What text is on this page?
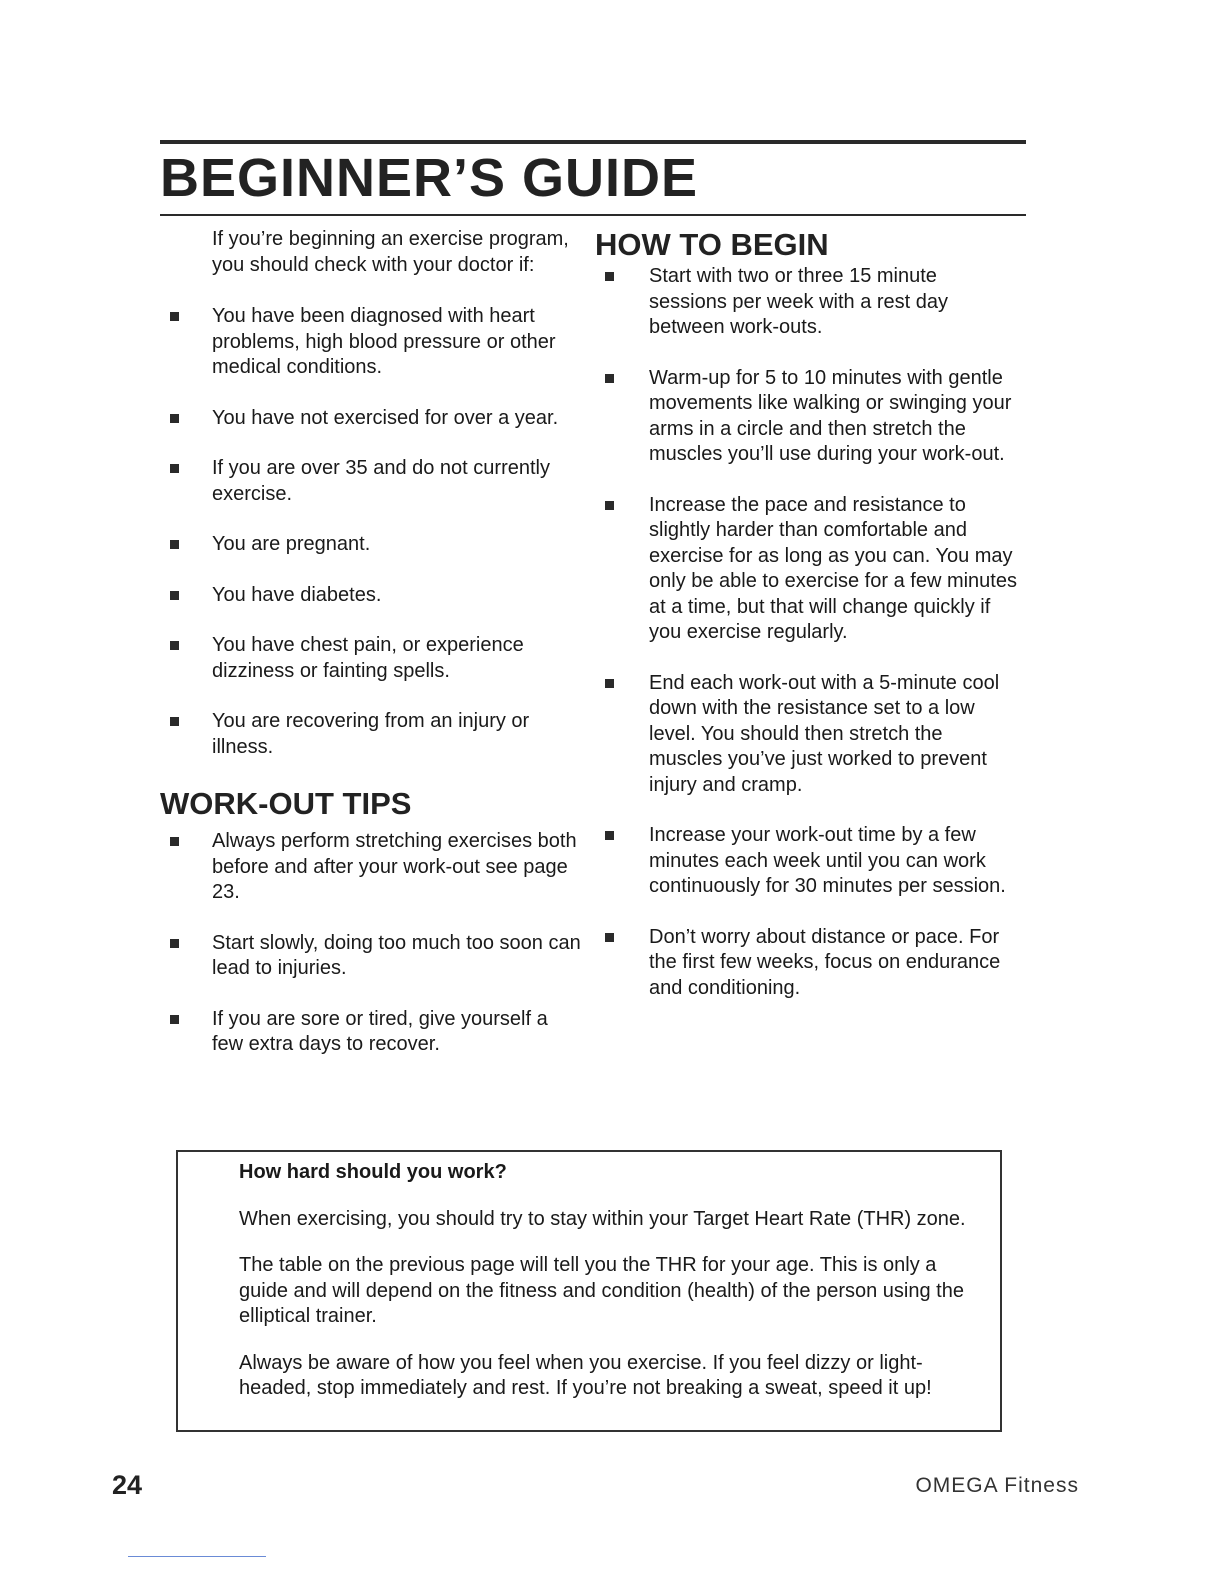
BEGINNER’S GUIDE

If you’re beginning an exercise program, you should check with your doctor if:

You have been diagnosed with heart problems, high blood pressure or other medical conditions.
You have not exercised for over a year.
If you are over 35 and do not currently exercise.
You are pregnant.
You have diabetes.
You have chest pain, or experience dizziness or fainting spells.
You are recovering from an injury or illness.
WORK-OUT TIPS
Always perform stretching exercises both before and after your work-out see page 23.
Start slowly, doing too much too soon can lead to injuries.
If you are sore or tired, give yourself a few extra days to recover.
HOW TO BEGIN
Start with two or three 15 minute sessions per week with a rest day between work-outs.
Warm-up for 5 to 10 minutes with gentle movements like walking or swinging your arms in a circle and then stretch the muscles you’ll use during your work-out.
Increase the pace and resistance to slightly harder than comfortable and exercise for as long as you can. You may only be able to exercise for a few minutes at a time, but that will change quickly if you exercise regularly.
End each work-out with a 5-minute cool down with the resistance set to a low level. You should then stretch the muscles you’ve just worked to prevent injury and cramp.
Increase your work-out time by a few minutes each week until you can work continuously for 30 minutes per session.
Don’t worry about distance or pace. For the first few weeks, focus on endurance and conditioning.

How hard should you work?

When exercising, you should try to stay within your Target Heart Rate (THR) zone.

The table on the previous page will tell you the THR for your age. This is only a guide and will depend on the fitness and condition (health) of the person using the elliptical trainer.

Always be aware of how you feel when you exercise. If you feel dizzy or light-headed, stop immediately and rest. If you’re not breaking a sweat, speed it up!

24	OMEGA Fitness
